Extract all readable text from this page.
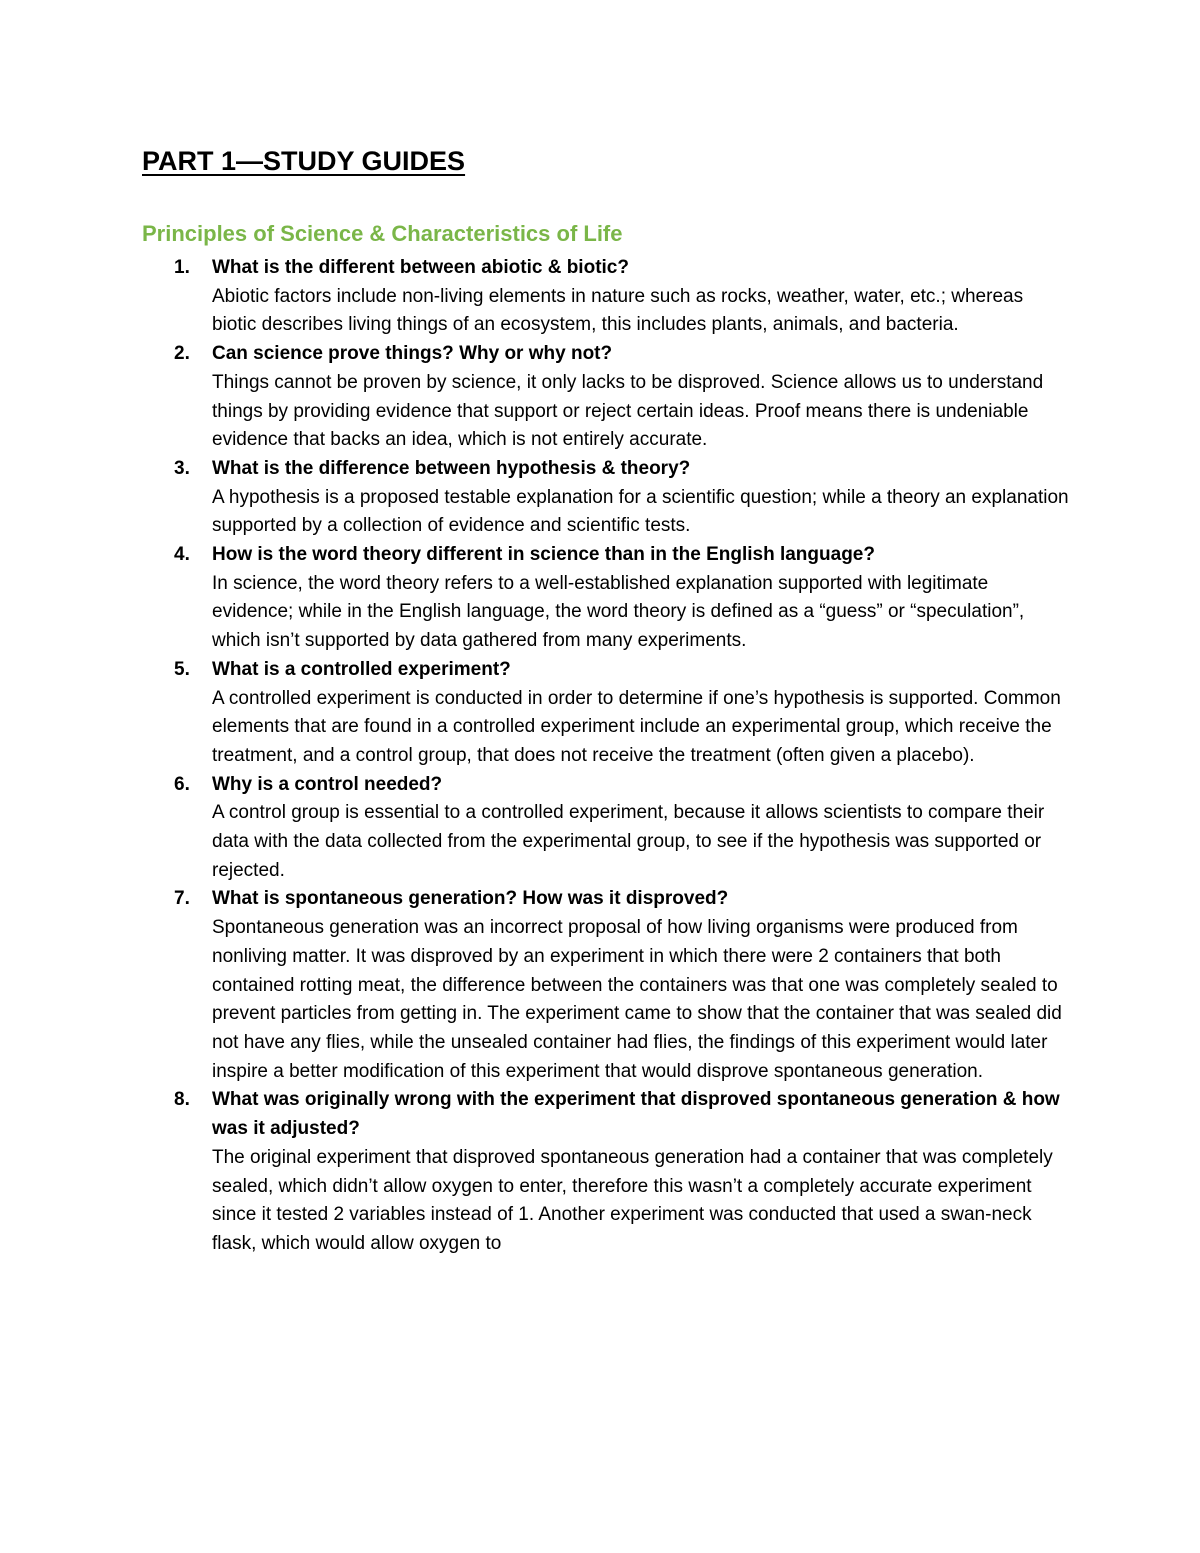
PART 1—STUDY GUIDES
Principles of Science & Characteristics of Life
1. What is the different between abiotic & biotic?

Abiotic factors include non-living elements in nature such as rocks, weather, water, etc.; whereas biotic describes living things of an ecosystem, this includes plants, animals, and bacteria.

2. Can science prove things? Why or why not?

Things cannot be proven by science, it only lacks to be disproved. Science allows us to understand things by providing evidence that support or reject certain ideas. Proof means there is undeniable evidence that backs an idea, which is not entirely accurate.

3. What is the difference between hypothesis & theory?

A hypothesis is a proposed testable explanation for a scientific question; while a theory an explanation supported by a collection of evidence and scientific tests.

4. How is the word theory different in science than in the English language?

In science, the word theory refers to a well-established explanation supported with legitimate evidence; while in the English language, the word theory is defined as a “guess” or “speculation”, which isn’t supported by data gathered from many experiments.

5. What is a controlled experiment?

A controlled experiment is conducted in order to determine if one’s hypothesis is supported. Common elements that are found in a controlled experiment include an experimental group, which receive the treatment, and a control group, that does not receive the treatment (often given a placebo).

6. Why is a control needed?

A control group is essential to a controlled experiment, because it allows scientists to compare their data with the data collected from the experimental group, to see if the hypothesis was supported or rejected.

7. What is spontaneous generation? How was it disproved?

Spontaneous generation was an incorrect proposal of how living organisms were produced from nonliving matter. It was disproved by an experiment in which there were 2 containers that both contained rotting meat, the difference between the containers was that one was completely sealed to prevent particles from getting in. The experiment came to show that the container that was sealed did not have any flies, while the unsealed container had flies, the findings of this experiment would later inspire a better modification of this experiment that would disprove spontaneous generation.

8. What was originally wrong with the experiment that disproved spontaneous generation & how was it adjusted?

The original experiment that disproved spontaneous generation had a container that was completely sealed, which didn’t allow oxygen to enter, therefore this wasn’t a completely accurate experiment since it tested 2 variables instead of 1. Another experiment was conducted that used a swan-neck flask, which would allow oxygen to
